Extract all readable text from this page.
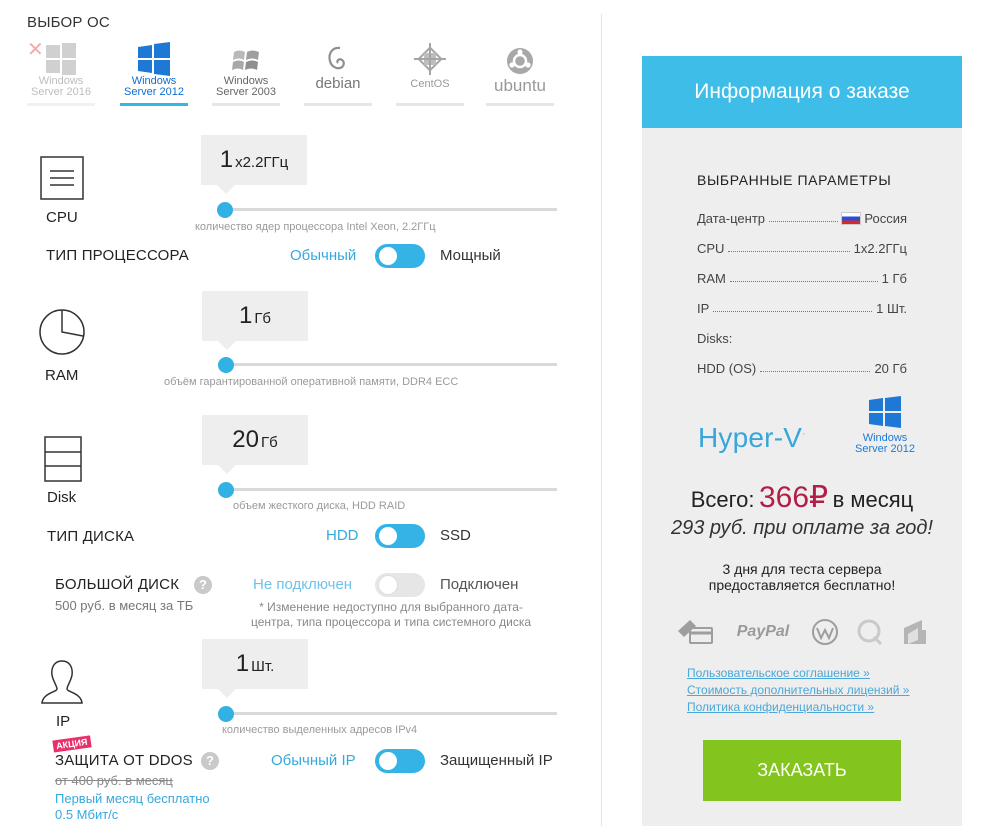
ВЫБОР ОС
✕
Windows
Server 2016
Windows
Server 2012
Windows
Server 2003	debian	CentOS	ubuntu
CPU
1 x2.2ГГц
количество ядер процессора Intel Xeon, 2.2ГГц
ТИП ПРОЦЕССОРА	Обычный	Мощный
RAM
1 Гб
объём гарантированной оперативной памяти, DDR4 ECC
Disk
20 Гб
объем жесткого диска, HDD RAID
ТИП ДИСКА	HDD	SSD
БОЛЬШОЙ ДИСК	?
500 руб. в месяц за ТБ
Не подключен	Подключен
* Изменение недоступно для выбранного дата-
центра, типа процессора и типа системного диска
IP
1 Шт.
количество выделенных адресов IPv4
АКЦИЯ
ЗАЩИТА ОТ DDOS	?
от 400 руб. в месяц
Первый месяц бесплатно
0.5 Мбит/с
Обычный IP	Защищенный IP
Информация о заказе
ВЫБРАННЫЕ ПАРАМЕТРЫ
Дата-центр	Россия
CPU	1x2.2ГГц
RAM	1 Гб
IP	1 Шт.
Disks:
HDD (OS)	20 Гб
Hyper-V·	Windows
Server 2012
Всего: 366₽ в месяц
293 руб. при оплате за год!
3 дня для теста сервера
предоставляется бесплатно!
PayPal
Пользовательское соглашение »
Стоимость дополнительных лицензий »
Политика конфиденциальности »
ЗАКАЗАТЬ
